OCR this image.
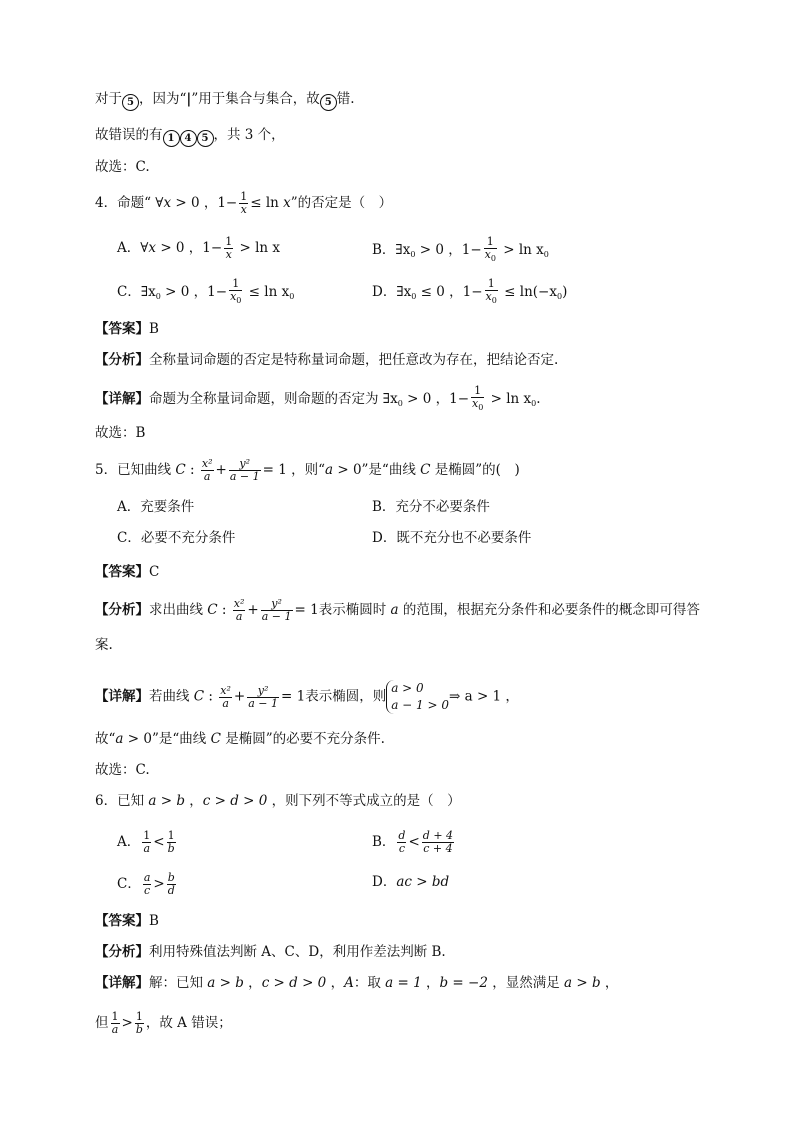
对于 5 ，因为“|”用于集合与集合，故 5 错.
故错误的有 1 4 5 ，共 3 个，
故选：C.
4．命题“ ∀x > 0 ，$1- \frac{1}{x} \le \ln x$”的否定是（　）
A．∀x > 0 ，$1- \frac{1}{x} > \ln x$	B．$\exists x_0 > 0$ ，$1- \frac{1}{x_0} > \ln x_0$
C．$\exists x_0 > 0$ ，$1- \frac{1}{x_0} \le \ln x_0$	D．$\exists x_0 \le 0$ ，$1- \frac{1}{x_0} \le \ln(-x_0)$
【答案】B
【分析】全称量词命题的否定是特称量词命题，把任意改为存在，把结论否定.
【详解】命题为全称量词命题，则命题的否定为 $\exists x_0 > 0$ ，$1- \frac{1}{x_0} > \ln x_0$.
故选：B
5．已知曲线 C : $\frac{\text{x²}}{a} + \frac{\text{y²}}{a - 1} = 1$ ，则“a > 0”是“曲线 C 是椭圆”的(　)
A．充要条件	B．充分不必要条件
C．必要不充分条件	D．既不充分也不必要条件
【答案】C
【分析】求出曲线 C : $\frac{\text{x²}}{a} + \frac{\text{y²}}{a - 1} = 1$表示椭圆时 a 的范围，根据充分条件和必要条件的概念即可得答
案.
【详解】若曲线 C : $\frac{\text{x²}}{a} + \frac{\text{y²}}{a - 1} = 1$表示椭圆，则
a > 0
a − 1 > 0
⇒ a > 1 ，
故“a > 0”是“曲线 C 是椭圆”的必要不充分条件.
故选：C.
6．已知 a > b ，c > d > 0 ，则下列不等式成立的是（　）
A． $\frac{1}{a} < \frac{1}{b}$	B． $\frac{d}{c} < \frac{d + 4}{c + 4}$
C． $\frac{a}{c} > \frac{b}{d}$	D．ac > bd
【答案】B
【分析】利用特殊值法判断 A、C、D，利用作差法判断 B.
【详解】解：已知 a > b ，c > d > 0 ，A：取 a = 1 ，b = −2 ，显然满足 a > b ，
但 $\frac{1}{a} > \frac{1}{b}$ ，故 A 错误；
